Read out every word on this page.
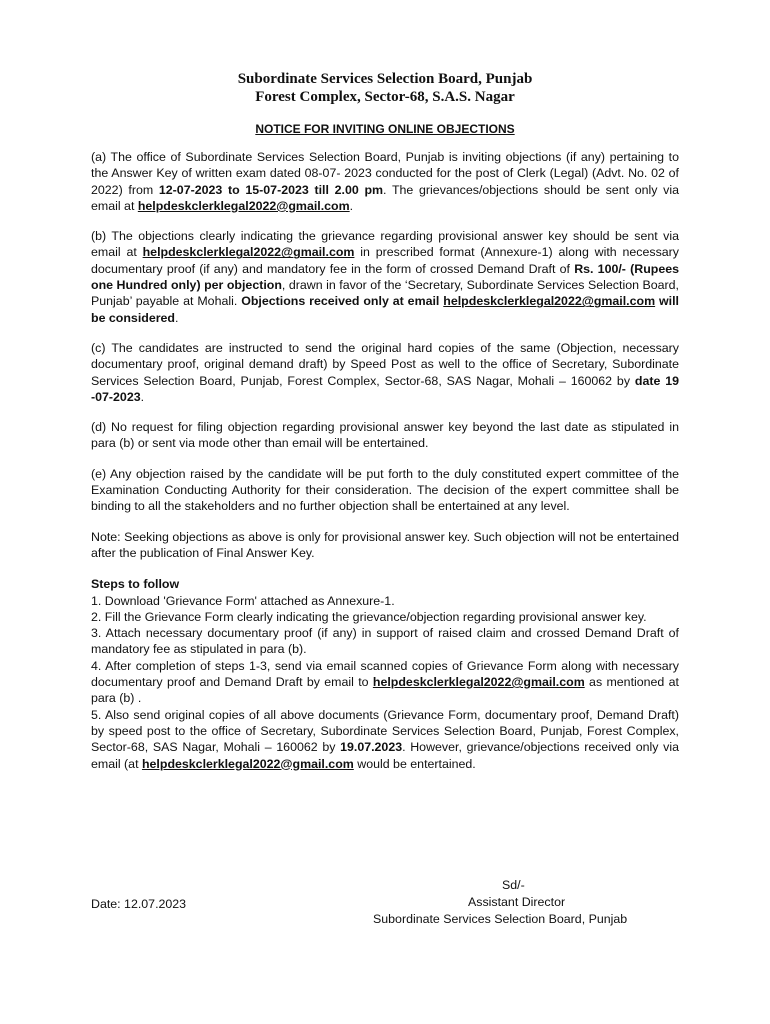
Subordinate Services Selection Board, Punjab
Forest Complex, Sector-68, S.A.S. Nagar
NOTICE FOR INVITING ONLINE OBJECTIONS

(a) The office of Subordinate Services Selection Board, Punjab is inviting objections (if any) pertaining to the Answer Key of written exam dated 08-07- 2023 conducted for the post of Clerk (Legal) (Advt. No. 02 of 2022) from 12-07-2023 to 15-07-2023 till 2.00 pm. The grievances/objections should be sent only via email at helpdeskclerklegal2022@gmail.com.

(b) The objections clearly indicating the grievance regarding provisional answer key should be sent via email at helpdeskclerklegal2022@gmail.com in prescribed format (Annexure-1) along with necessary documentary proof (if any) and mandatory fee in the form of crossed Demand Draft of Rs. 100/- (Rupees one Hundred only) per objection, drawn in favor of the ‘Secretary, Subordinate Services Selection Board, Punjab’ payable at Mohali. Objections received only at email helpdeskclerklegal2022@gmail.com will be considered.

(c) The candidates are instructed to send the original hard copies of the same (Objection, necessary documentary proof, original demand draft) by Speed Post as well to the office of Secretary, Subordinate Services Selection Board, Punjab, Forest Complex, Sector-68, SAS Nagar, Mohali – 160062 by date 19 -07-2023.

(d) No request for filing objection regarding provisional answer key beyond the last date as stipulated in para (b) or sent via mode other than email will be entertained.

(e) Any objection raised by the candidate will be put forth to the duly constituted expert committee of the Examination Conducting Authority for their consideration. The decision of the expert committee shall be binding to all the stakeholders and no further objection shall be entertained at any level.

Note: Seeking objections as above is only for provisional answer key. Such objection will not be entertained after the publication of Final Answer Key.

Steps to follow

1. Download 'Grievance Form' attached as Annexure-1.

2. Fill the Grievance Form clearly indicating the grievance/objection regarding provisional answer key.

3. Attach necessary documentary proof (if any) in support of raised claim and crossed Demand Draft of mandatory fee as stipulated in para (b).

4. After completion of steps 1-3, send via email scanned copies of Grievance Form along with necessary documentary proof and Demand Draft by email to helpdeskclerklegal2022@gmail.com as mentioned at para (b) .

5. Also send original copies of all above documents (Grievance Form, documentary proof, Demand Draft) by speed post to the office of Secretary, Subordinate Services Selection Board, Punjab, Forest Complex, Sector-68, SAS Nagar, Mohali – 160062 by 19.07.2023. However, grievance/objections received only via email (at helpdeskclerklegal2022@gmail.com would be entertained.

Sd/-
Date: 12.07.2023	Assistant Director
Subordinate Services Selection Board, Punjab
